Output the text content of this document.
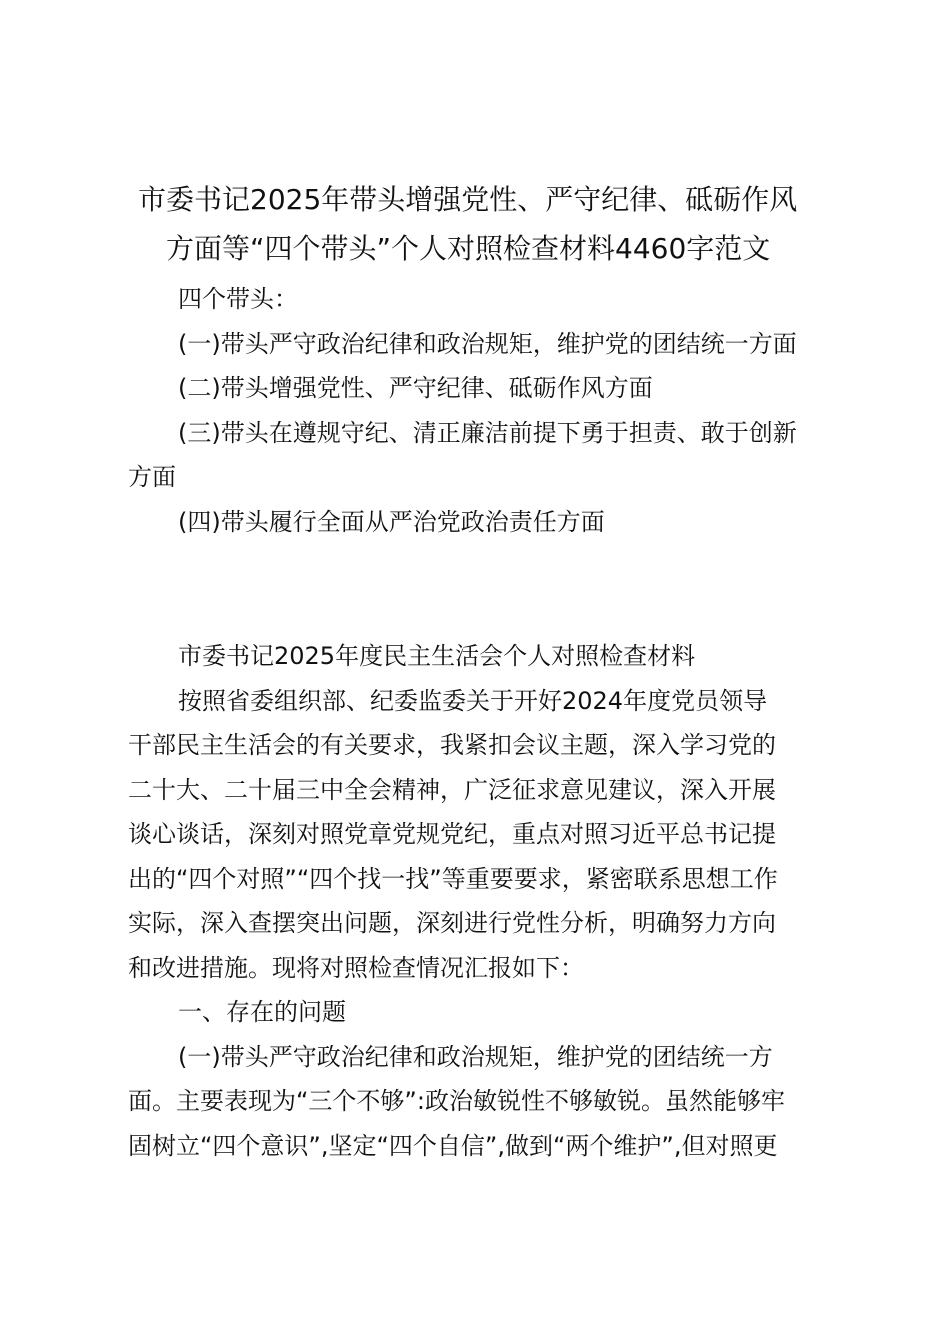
市委书记2025年带头增强党性、严守纪律、砥砺作风
方面等“四个带头”个人对照检查材料4460字范文
四个带头：
(一)带头严守政治纪律和政治规矩，维护党的团结统一方面
(二)带头增强党性、严守纪律、砥砺作风方面
(三)带头在遵规守纪、清正廉洁前提下勇于担责、敢于创新
方面
(四)带头履行全面从严治党政治责任方面
市委书记2025年度民主生活会个人对照检查材料
按照省委组织部、纪委监委关于开好2024年度党员领导
干部民主生活会的有关要求，我紧扣会议主题，深入学习党的
二十大、二十届三中全会精神，广泛征求意见建议，深入开展
谈心谈话，深刻对照党章党规党纪，重点对照习近平总书记提
出的“四个对照”“四个找一找”等重要要求，紧密联系思想工作
实际，深入查摆突出问题，深刻进行党性分析，明确努力方向
和改进措施。现将对照检查情况汇报如下：
一、存在的问题
(一)带头严守政治纪律和政治规矩，维护党的团结统一方
面。主要表现为“三个不够”:政治敏锐性不够敏锐。虽然能够牢
固树立“四个意识”,坚定“四个自信”,做到“两个维护”,但对照更
